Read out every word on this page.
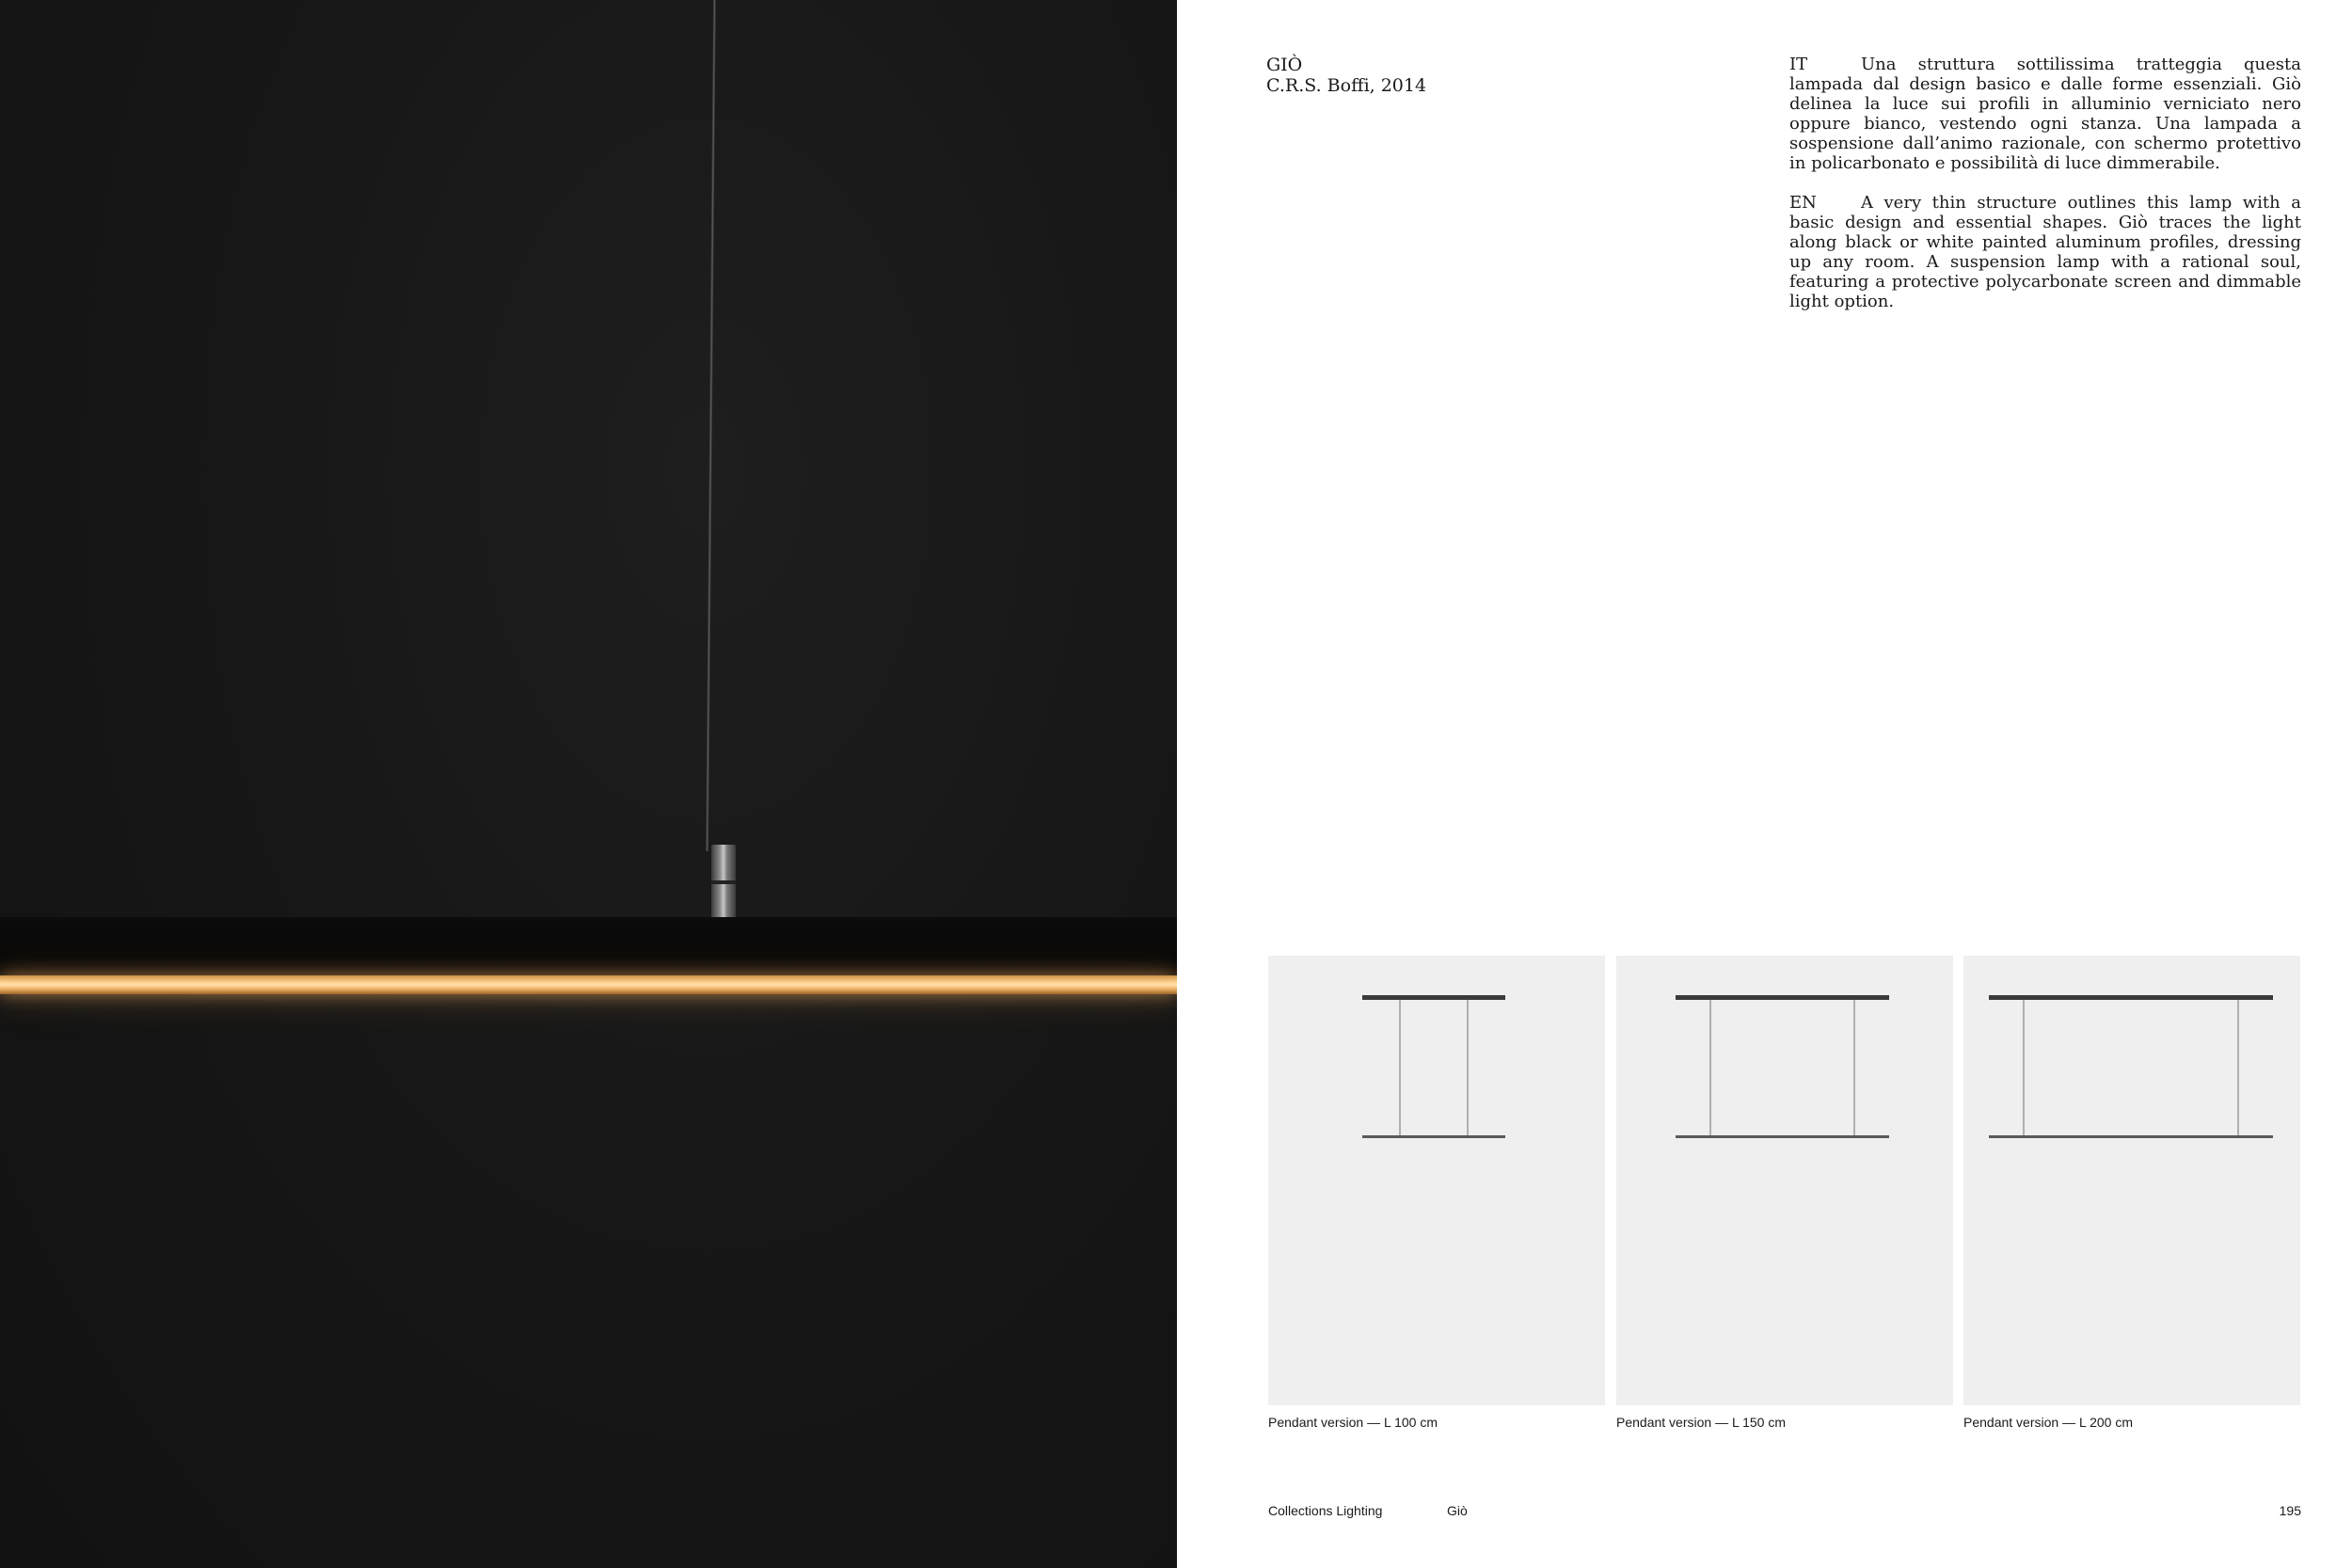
GIÒ
C.R.S. Boffi, 2014

IT	Una struttura sottilissima tratteggia questa lampada dal design basico e dalle forme essenziali. Giò delinea la luce sui profili in alluminio verniciato nero oppure bianco, vestendo ogni stanza. Una lampada a sospensione dall’animo razionale, con schermo protettivo in policarbonato e possibilità di luce dimmerabile.

EN	A very thin structure outlines this lamp with a basic design and essential shapes. Giò traces the light along black or white painted aluminum profiles, dressing up any room. A suspension lamp with a rational soul, featuring a protective polycarbonate screen and dimmable light option.

Pendant version — L 100 cm	Pendant version — L 150 cm	Pendant version — L 200 cm
Collections Lighting	Giò	195
